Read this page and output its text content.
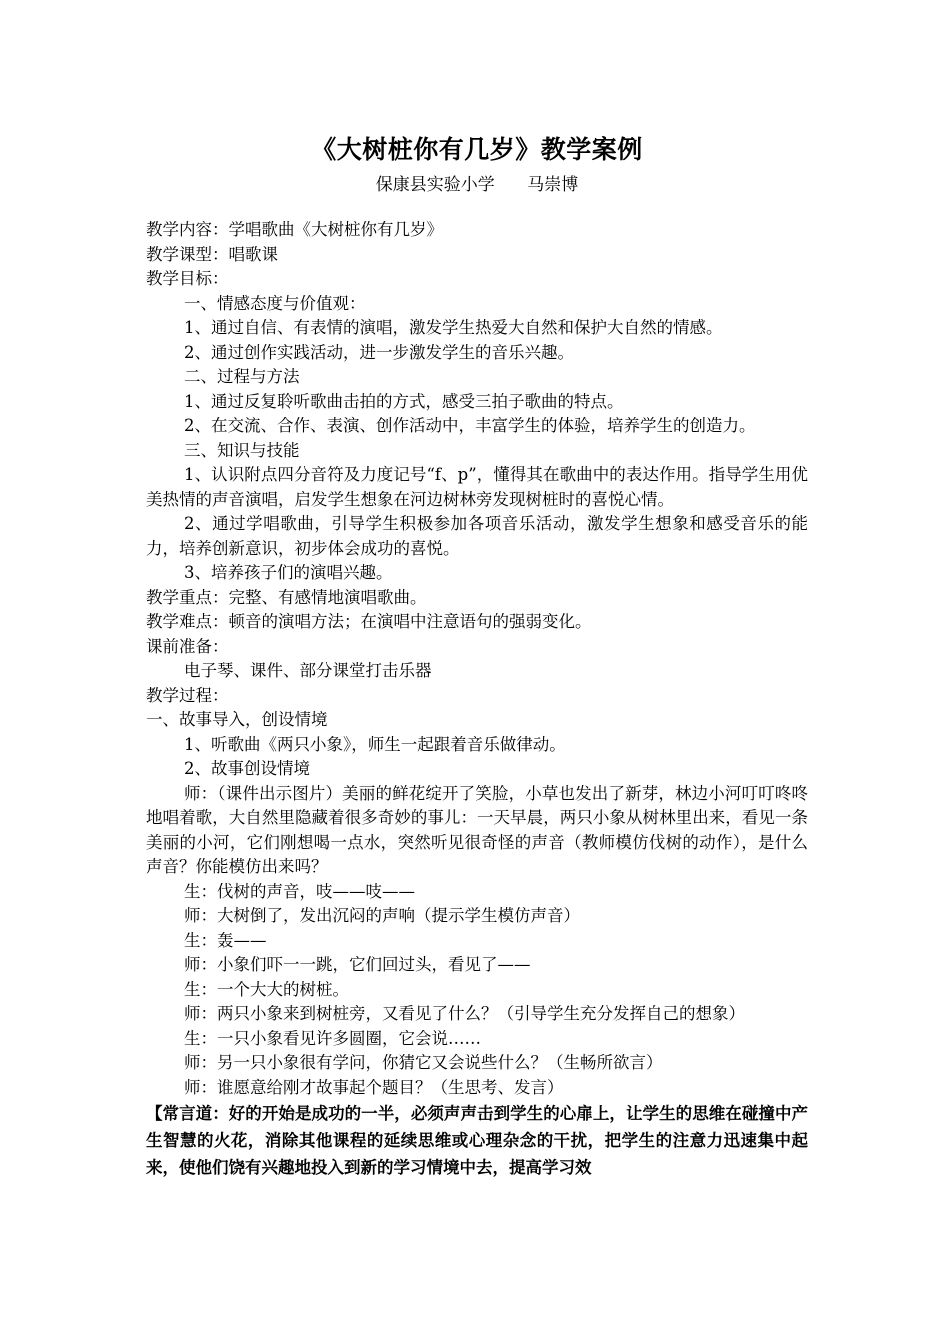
《大树桩你有几岁》教学案例

保康县实验小学      马崇博

教学内容：学唱歌曲《大树桩你有几岁》

教学课型：唱歌课

教学目标：

一、情感态度与价值观：

1、通过自信、有表情的演唱，激发学生热爱大自然和保护大自然的情感。

2、通过创作实践活动，进一步激发学生的音乐兴趣。

二、过程与方法

1、通过反复聆听歌曲击拍的方式，感受三拍子歌曲的特点。

2、在交流、合作、表演、创作活动中，丰富学生的体验，培养学生的创造力。

三、知识与技能

1、认识附点四分音符及力度记号“f、p”，懂得其在歌曲中的表达作用。指导学生用优美热情的声音演唱，启发学生想象在河边树林旁发现树桩时的喜悦心情。

2、通过学唱歌曲，引导学生积极参加各项音乐活动，激发学生想象和感受音乐的能力，培养创新意识，初步体会成功的喜悦。

3、培养孩子们的演唱兴趣。

教学重点：完整、有感情地演唱歌曲。

教学难点：顿音的演唱方法；在演唱中注意语句的强弱变化。

课前准备：

电子琴、课件、部分课堂打击乐器

教学过程：

一、故事导入，创设情境

1、听歌曲《两只小象》，师生一起跟着音乐做律动。

2、故事创设情境

师：（课件出示图片）美丽的鲜花绽开了笑脸，小草也发出了新芽，林边小河叮叮咚咚地唱着歌，大自然里隐藏着很多奇妙的事儿：一天早晨，两只小象从树林里出来，看见一条美丽的小河，它们刚想喝一点水，突然听见很奇怪的声音（教师模仿伐树的动作），是什么声音？你能模仿出来吗？

生：伐树的声音，吱——吱——

师：大树倒了，发出沉闷的声响（提示学生模仿声音）

生：轰——

师：小象们吓一一跳，它们回过头，看见了——

生：一个大大的树桩。

师：两只小象来到树桩旁，又看见了什么？（引导学生充分发挥自己的想象）

生：一只小象看见许多圆圈，它会说……

师：另一只小象很有学问，你猜它又会说些什么？（生畅所欲言）

师：谁愿意给刚才故事起个题目？（生思考、发言）

【常言道：好的开始是成功的一半，必须声声击到学生的心扉上，让学生的思维在碰撞中产生智慧的火花，消除其他课程的延续思维或心理杂念的干扰，把学生的注意力迅速集中起来，使他们饶有兴趣地投入到新的学习情境中去，提高学习效
